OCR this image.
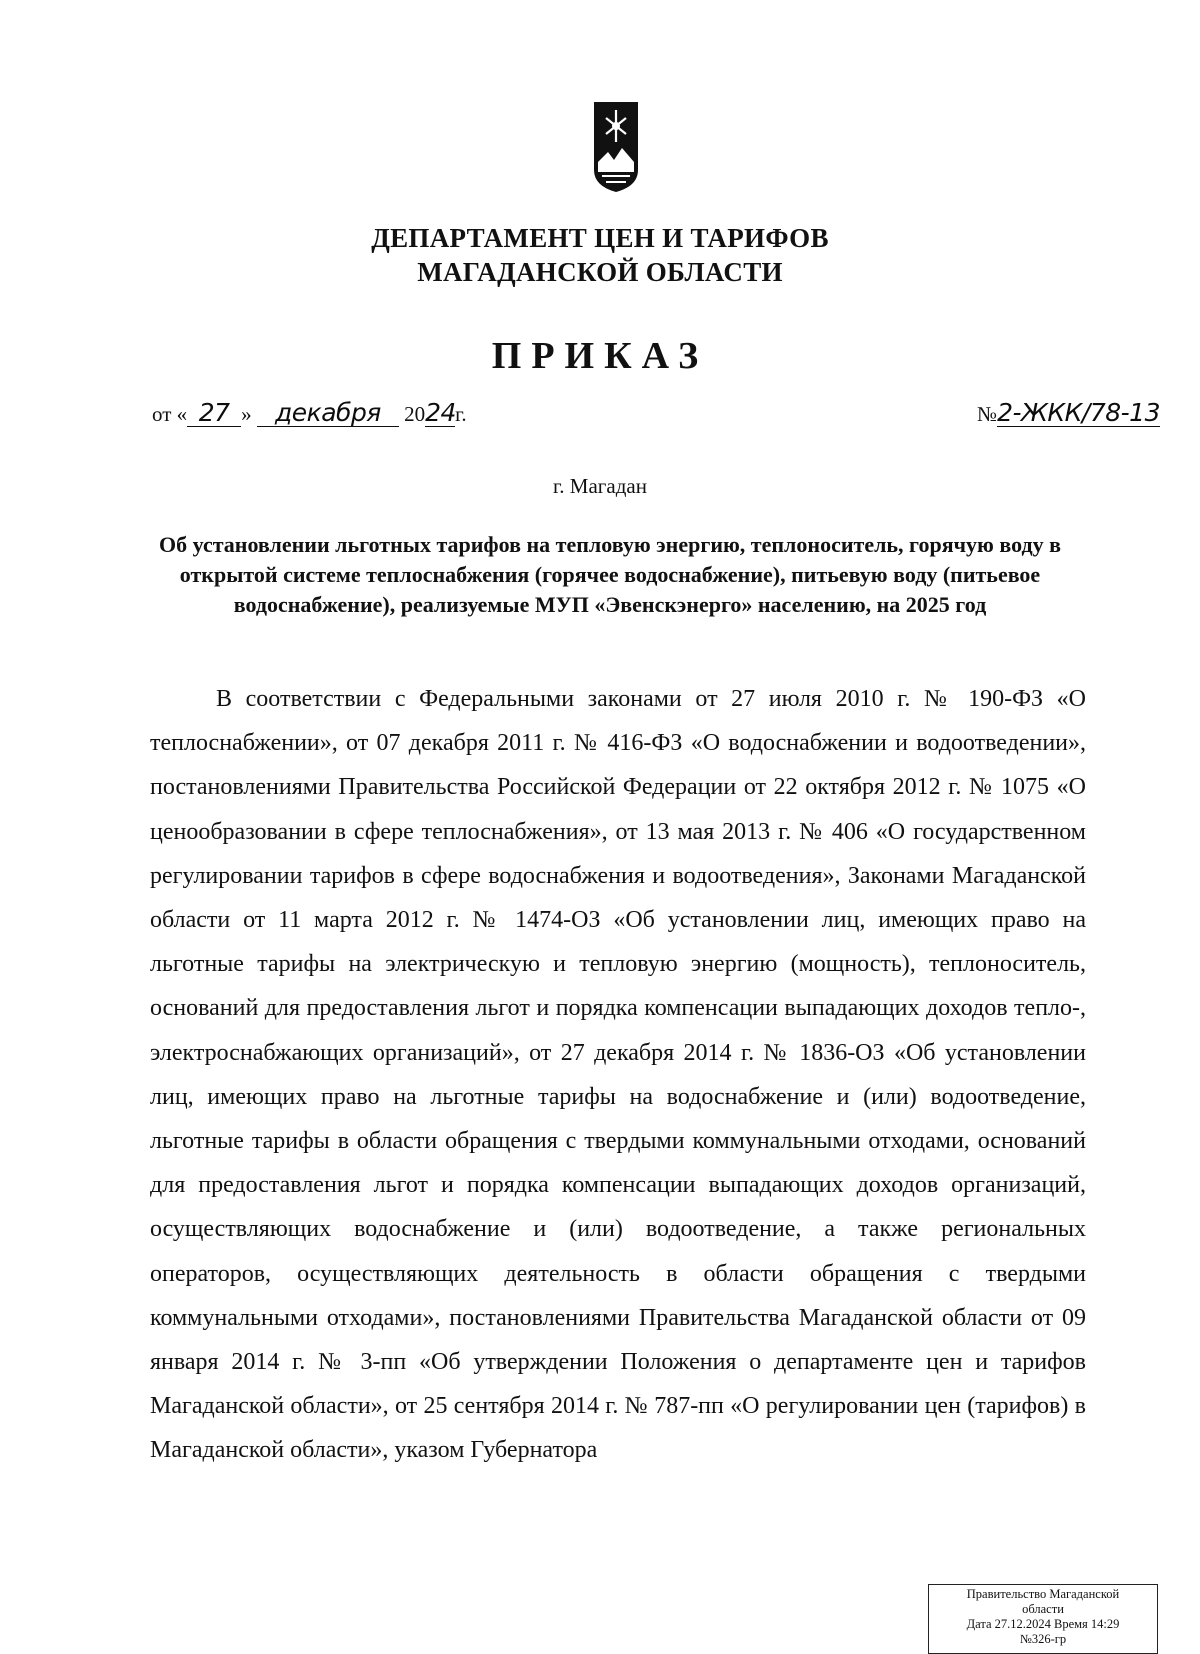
ДЕПАРТАМЕНТ ЦЕН И ТАРИФОВ
МАГАДАНСКОЙ ОБЛАСТИ
ПРИКАЗ
от « 27 » декабря 2024г.	№2-ЖКК/78-13
г. Магадан
Об установлении льготных тарифов на тепловую энергию, теплоноситель, горячую воду в открытой системе теплоснабжения (горячее водоснабжение), питьевую воду (питьевое водоснабжение), реализуемые МУП «Эвенскэнерго» населению, на 2025 год
В соответствии с Федеральными законами от 27 июля 2010 г. № 190-ФЗ «О теплоснабжении», от 07 декабря 2011 г. № 416-ФЗ «О водоснабжении и водоотведении», постановлениями Правительства Российской Федерации от 22 октября 2012 г. № 1075 «О ценообразовании в сфере теплоснабжения», от 13 мая 2013 г. № 406 «О государственном регулировании тарифов в сфере водоснабжения и водоотведения», Законами Магаданской области от 11 марта 2012 г. № 1474-ОЗ «Об установлении лиц, имеющих право на льготные тарифы на электрическую и тепловую энергию (мощность), теплоноситель, оснований для предоставления льгот и порядка компенсации выпадающих доходов тепло-, электроснабжающих организаций», от 27 декабря 2014 г. № 1836-ОЗ «Об установлении лиц, имеющих право на льготные тарифы на водоснабжение и (или) водоотведение, льготные тарифы в области обращения с твердыми коммунальными отходами, оснований для предоставления льгот и порядка компенсации выпадающих доходов организаций, осуществляющих водоснабжение и (или) водоотведение, а также региональных операторов, осуществляющих деятельность в области обращения с твердыми коммунальными отходами», постановлениями Правительства Магаданской области от 09 января 2014 г. № 3-пп «Об утверждении Положения о департаменте цен и тарифов Магаданской области», от 25 сентября 2014 г. № 787-пп «О регулировании цен (тарифов) в Магаданской области», указом Губернатора
Правительство Магаданской
области
Дата 27.12.2024 Время 14:29
№326-гр
